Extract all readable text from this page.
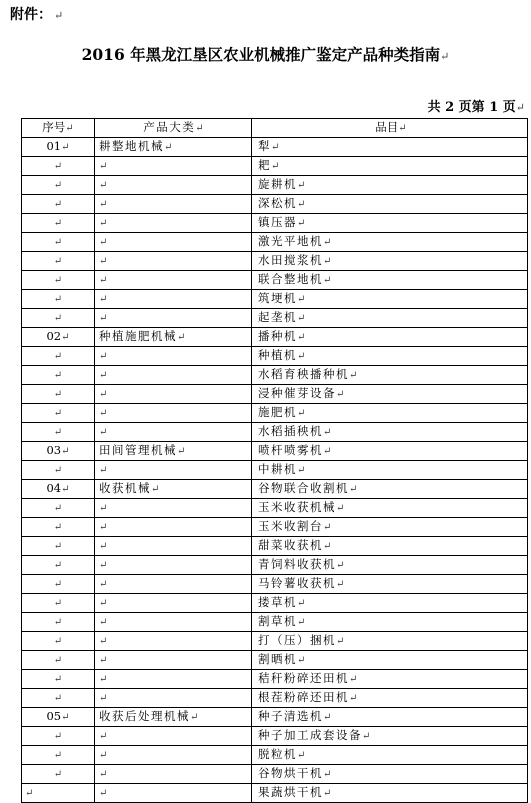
附件： ↵
2016 年黑龙江垦区农业机械推广鉴定产品种类指南↵
共 2 页第 1 页↵
序号↵	产品大类↵	品目↵
01↵	耕整地机械↵	犁↵
↵	↵	耙↵
↵	↵	旋耕机↵
↵	↵	深松机↵
↵	↵	镇压器↵
↵	↵	激光平地机↵
↵	↵	水田搅浆机↵
↵	↵	联合整地机↵
↵	↵	筑埂机↵
↵	↵	起垄机↵
02↵	种植施肥机械↵	播种机↵
↵	↵	种植机↵
↵	↵	水稻育秧播种机↵
↵	↵	浸种催芽设备↵
↵	↵	施肥机↵
↵	↵	水稻插秧机↵
03↵	田间管理机械↵	喷杆喷雾机↵
↵	↵	中耕机↵
04↵	收获机械↵	谷物联合收割机↵
↵	↵	玉米收获机械↵
↵	↵	玉米收割台↵
↵	↵	甜菜收获机↵
↵	↵	青饲料收获机↵
↵	↵	马铃薯收获机↵
↵	↵	搂草机↵
↵	↵	割草机↵
↵	↵	打（压）捆机↵
↵	↵	割晒机↵
↵	↵	秸秆粉碎还田机↵
↵	↵	根茬粉碎还田机↵
05↵	收获后处理机械↵	种子清选机↵
↵	↵	种子加工成套设备↵
↵	↵	脱粒机↵
↵	↵	谷物烘干机↵
↵	↵	果蔬烘干机↵
